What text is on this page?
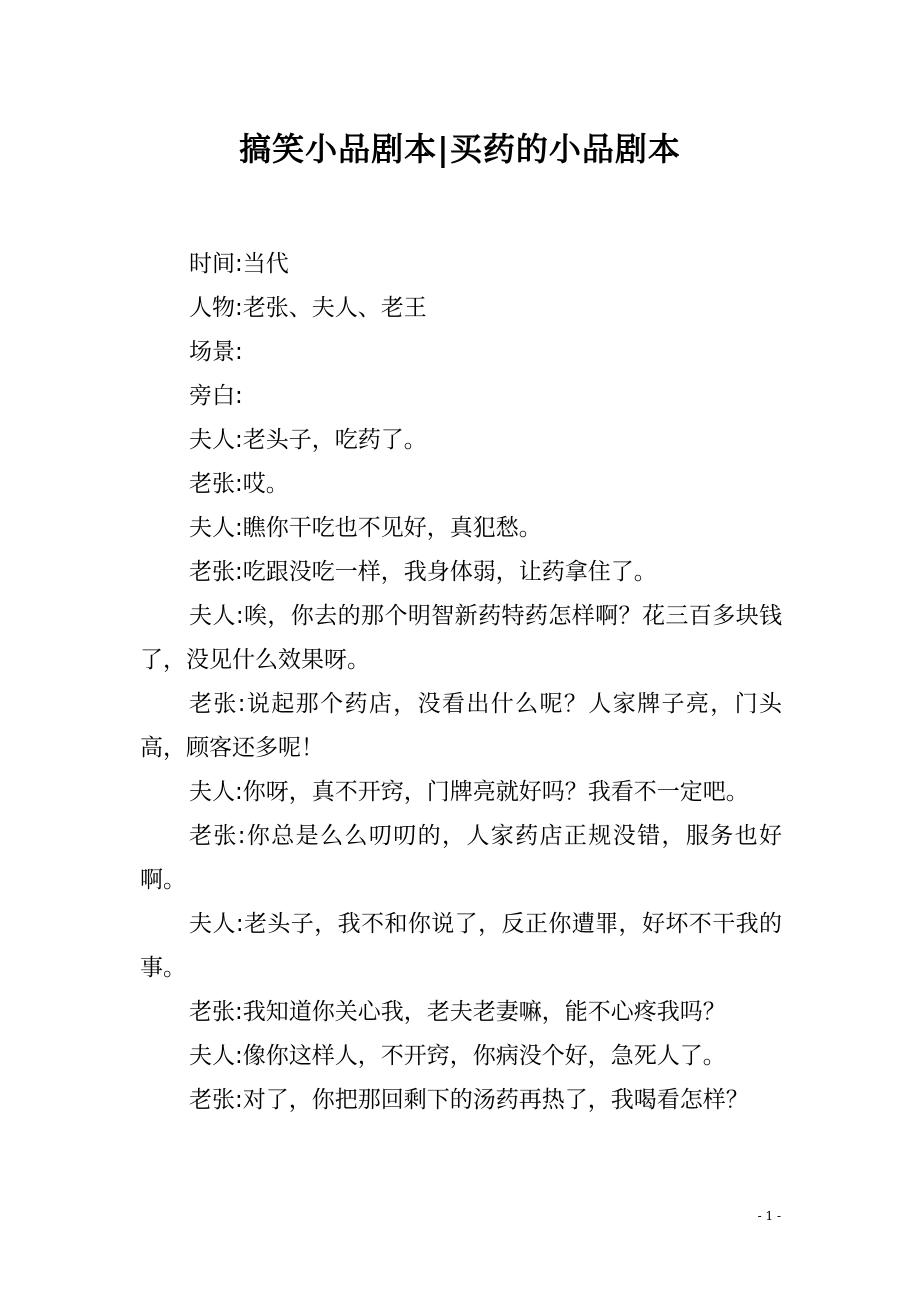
搞笑小品剧本|买药的小品剧本

时间:当代

人物:老张、夫人、老王

场景:

旁白:

夫人:老头子，吃药了。

老张:哎。

夫人:瞧你干吃也不见好，真犯愁。

老张:吃跟没吃一样，我身体弱，让药拿住了。

夫人:唉，你去的那个明智新药特药怎样啊？花三百多块钱了，没见什么效果呀。

老张:说起那个药店，没看出什么呢？人家牌子亮，门头高，顾客还多呢！

夫人:你呀，真不开窍，门牌亮就好吗？我看不一定吧。

老张:你总是么么叨叨的，人家药店正规没错，服务也好啊。

夫人:老头子，我不和你说了，反正你遭罪，好坏不干我的事。

老张:我知道你关心我，老夫老妻嘛，能不心疼我吗？

夫人:像你这样人，不开窍，你病没个好，急死人了。

老张:对了，你把那回剩下的汤药再热了，我喝看怎样？

- 1 -
